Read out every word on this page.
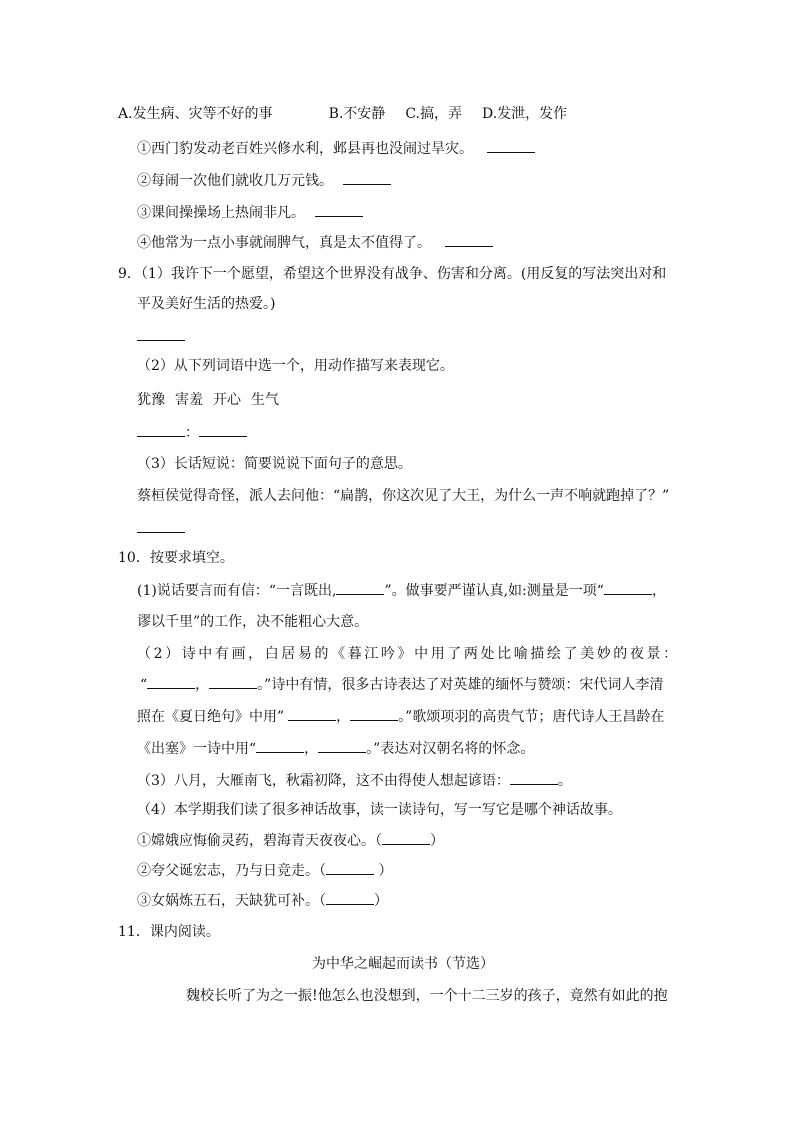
A.发生病、灾等不好的事	B.不安静 C.搞，弄 D.发泄，发作
①西门豹发动老百姓兴修水利，邺县再也没闹过旱灾。
②每闹一次他们就收几万元钱。
③课间操操场上热闹非凡。
④他常为一点小事就闹脾气，真是太不值得了。
9．（1）我许下一个愿望，希望这个世界没有战争、伤害和分离。(用反复的写法突出对和
平及美好生活的热爱。)
（2）从下列词语中选一个，用动作描写来表现它。
犹豫 害羞 开心 生气
：
（3）长话短说：简要说说下面句子的意思。
蔡桓侯觉得奇怪，派人去问他：“扁鹊，你这次见了大王，为什么一声不响就跑掉了？”
10．按要求填空。
(1)说话要言而有信：“一言既出,	”。做事要严谨认真,如:测量是一项“	，
谬以千里”的工作，决不能粗心大意。
（2）诗中有画，白居易的《暮江吟》中用了两处比喻描绘了美妙的夜景：
“	，	。”诗中有情，很多古诗表达了对英雄的缅怀与赞颂：宋代词人李清
照在《夏日绝句》中用”	，	。”歌颂项羽的高贵气节；唐代诗人王昌龄在
《出塞》一诗中用“	，	。”表达对汉朝名将的怀念。
（3）八月，大雁南飞，秋霜初降，这不由得使人想起谚语：	。
（4）本学期我们读了很多神话故事，读一读诗句，写一写它是哪个神话故事。
①嫦娥应悔偷灵药，碧海青天夜夜心。（	）
②夸父诞宏志，乃与日竞走。（	）
③女娲炼五石，天缺犹可补。（	）
11．课内阅读。
为中华之崛起而读书（节选）
魏校长听了为之一振!他怎么也没想到，一个十二三岁的孩子，竟然有如此的抱
